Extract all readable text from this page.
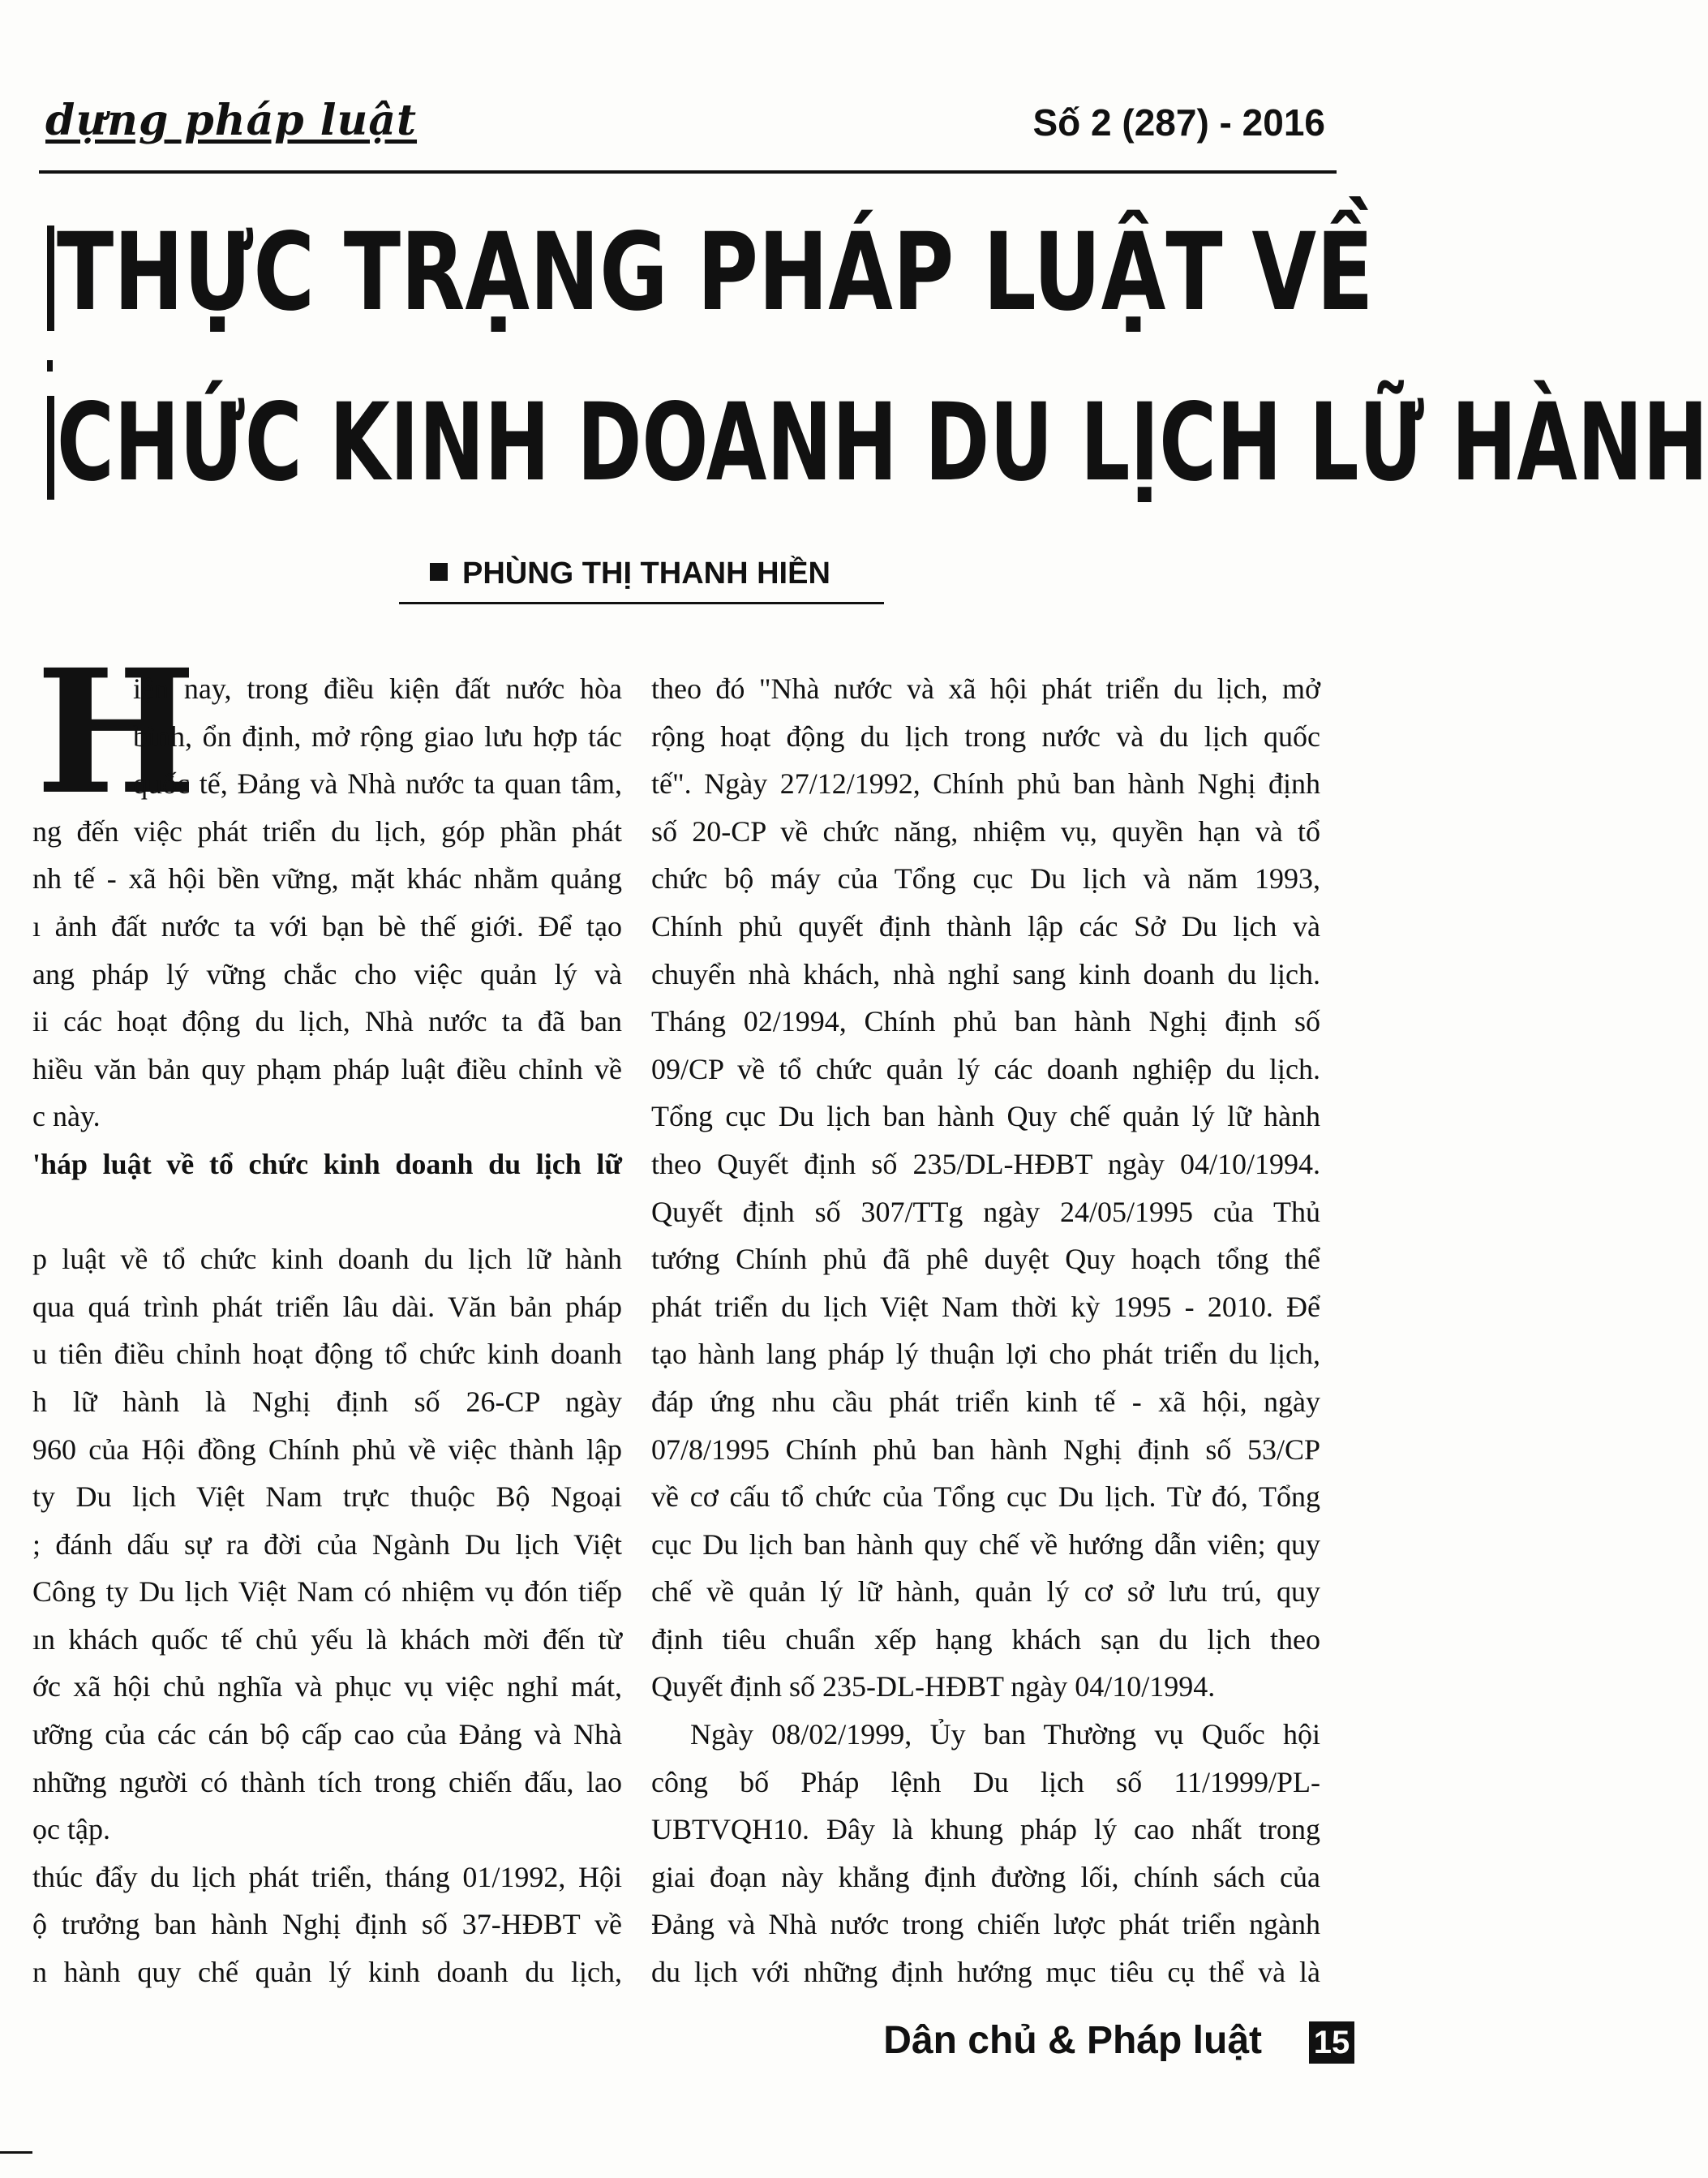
dựng pháp luật	Số 2 (287) - 2016
THỰC TRẠNG PHÁP LUẬT VỀ
CHỨC KINH DOANH DU LỊCH LỮ HÀNH
PHÙNG THỊ THANH HIỀN
H
iện nay, trong điều kiện đất nước hòa
bình, ổn định, mở rộng giao lưu hợp tác
quốc tế, Đảng và Nhà nước ta quan tâm,
ng đến việc phát triển du lịch, góp phần phát
nh tế - xã hội bền vững, mặt khác nhằm quảng
ı ảnh đất nước ta với bạn bè thế giới. Để tạo
ang pháp lý vững chắc cho việc quản lý và
ii các hoạt động du lịch, Nhà nước ta đã ban
hiều văn bản quy phạm pháp luật điều chỉnh về
c này.
'háp luật về tổ chức kinh doanh du lịch lữ
p luật về tổ chức kinh doanh du lịch lữ hành
qua quá trình phát triển lâu dài. Văn bản pháp
u tiên điều chỉnh hoạt động tổ chức kinh doanh
h lữ hành là Nghị định số 26-CP ngày
960 của Hội đồng Chính phủ về việc thành lập
ty Du lịch Việt Nam trực thuộc Bộ Ngoại
; đánh dấu sự ra đời của Ngành Du lịch Việt
Công ty Du lịch Việt Nam có nhiệm vụ đón tiếp
ın khách quốc tế chủ yếu là khách mời đến từ
ớc xã hội chủ nghĩa và phục vụ việc nghỉ mát,
ưỡng của các cán bộ cấp cao của Đảng và Nhà
những người có thành tích trong chiến đấu, lao
ọc tập.
thúc đẩy du lịch phát triển, tháng 01/1992, Hội
ộ trưởng ban hành Nghị định số 37-HĐBT về
n hành quy chế quản lý kinh doanh du lịch,
theo đó "Nhà nước và xã hội phát triển du lịch, mở
rộng hoạt động du lịch trong nước và du lịch quốc
tế". Ngày 27/12/1992, Chính phủ ban hành Nghị định
số 20-CP về chức năng, nhiệm vụ, quyền hạn và tổ
chức bộ máy của Tổng cục Du lịch và năm 1993,
Chính phủ quyết định thành lập các Sở Du lịch và
chuyển nhà khách, nhà nghỉ sang kinh doanh du lịch.
Tháng 02/1994, Chính phủ ban hành Nghị định số
09/CP về tổ chức quản lý các doanh nghiệp du lịch.
Tổng cục Du lịch ban hành Quy chế quản lý lữ hành
theo Quyết định số 235/DL-HĐBT ngày 04/10/1994.
Quyết định số 307/TTg ngày 24/05/1995 của Thủ
tướng Chính phủ đã phê duyệt Quy hoạch tổng thể
phát triển du lịch Việt Nam thời kỳ 1995 - 2010. Để
tạo hành lang pháp lý thuận lợi cho phát triển du lịch,
đáp ứng nhu cầu phát triển kinh tế - xã hội, ngày
07/8/1995 Chính phủ ban hành Nghị định số 53/CP
về cơ cấu tổ chức của Tổng cục Du lịch. Từ đó, Tổng
cục Du lịch ban hành quy chế về hướng dẫn viên; quy
chế về quản lý lữ hành, quản lý cơ sở lưu trú, quy
định tiêu chuẩn xếp hạng khách sạn du lịch theo
Quyết định số 235-DL-HĐBT ngày 04/10/1994.
Ngày 08/02/1999, Ủy ban Thường vụ Quốc hội
công bố Pháp lệnh Du lịch số 11/1999/PL-
UBTVQH10. Đây là khung pháp lý cao nhất trong
giai đoạn này khẳng định đường lối, chính sách của
Đảng và Nhà nước trong chiến lược phát triển ngành
du lịch với những định hướng mục tiêu cụ thể và là
Dân chủ & Pháp luật 15
